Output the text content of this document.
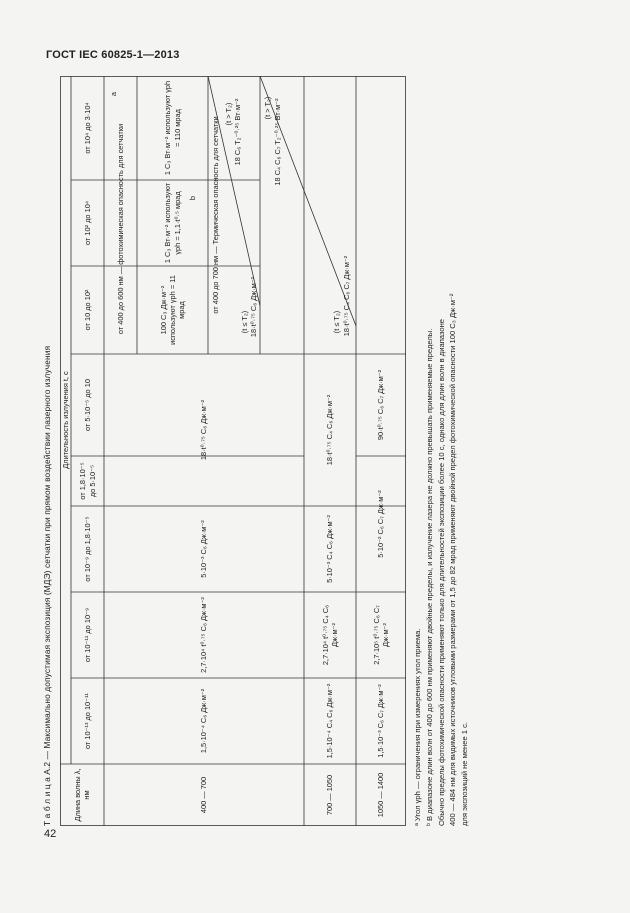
ГОСТ IEC 60825-1—2013
42
Т а б л и ц а А.2 — Максимально допустимая экспозиция (МДЭ) сетчатки при прямом воздействии лазерного излучения	Длина волны λ, нм
Длительность излучения t, с
от 10⁻¹³ до 10⁻¹¹
от 10⁻¹¹ до 10⁻⁹
от 10⁻⁹ до 1,8·10⁻⁵
от 1,8·10⁻⁵ до 5·10⁻⁵
от 5·10⁻⁵ до 10
от 10 до 10²
от 10² до 10⁴
от 10⁴ до 3·10⁴
400 — 700
1,5·10⁻⁴ C₆ Дж·м⁻²
2,7·10⁴ t⁰·⁷⁵ C₆ Дж·м⁻²
5·10⁻³ C₆ Дж·м⁻²
18·t⁰·⁷⁵ C₆ Дж·м⁻²
от 400 до 600 нм — фотохимическая опасность для сетчатки
a
100 C₃ Дж·м⁻² используют γph = 11 мрад
1 C₃ Вт·м⁻² используют γph = 1,1·t⁰·⁵ мрад b
1 C₃ Вт·м⁻² используют γph = 110 мрад	от 400 до 700 нм — Термическая опасность для сетчатки
(t ≤ T₂) 18·t⁰·⁷⁵ C₆ Дж·м⁻²
(t > T₂) 18 C₆ T₂⁻⁰·²⁵ Вт·м⁻²
700 — 1050
1,5·10⁻⁴ C₄ C₆ Дж·м⁻²
2,7·10⁴ t⁰·⁷⁵ C₄ C₆ Дж·м⁻²
5·10⁻³ C₄ C₆ Дж·м⁻²
18·t⁰·⁷⁵ C₄ C₆ Дж·м⁻²
(t ≤ T₂) 18·t⁰·⁷⁵ C₄ C₆ C₇ Дж·м⁻²
(t > T₂) 18 C₄ C₆ C₇ T₂⁻⁰·²⁵ Вт·м⁻²
1050 — 1400
1,5·10⁻³ C₆ C₇ Дж·м⁻²
2,7·10⁵ t⁰·⁷⁵ C₆ C₇ Дж·м⁻²
5·10⁻² C₆ C₇ Дж·м⁻²
90·t⁰·⁷⁵ C₆ C₇ Дж·м⁻²
ᵃ Угол γph — ограничения при измерениях угол приема. ᵇ В диапазоне длин волн от 400 до 600 нм применяют двойные пределы, и излучение лазера не должно превышать применяемые пределы. Обычно пределы фотохимической опасности применяют только для длительностей экспозиции более 10 с, однако для длин волн в диапазоне 400 — 484 нм для видимых источников угловыми размерами от 1,5 до 82 мрад применяют двойной предел фотохимической опасности 100 C₃ Дж·м⁻² для экспозиций не менее 1 с.
